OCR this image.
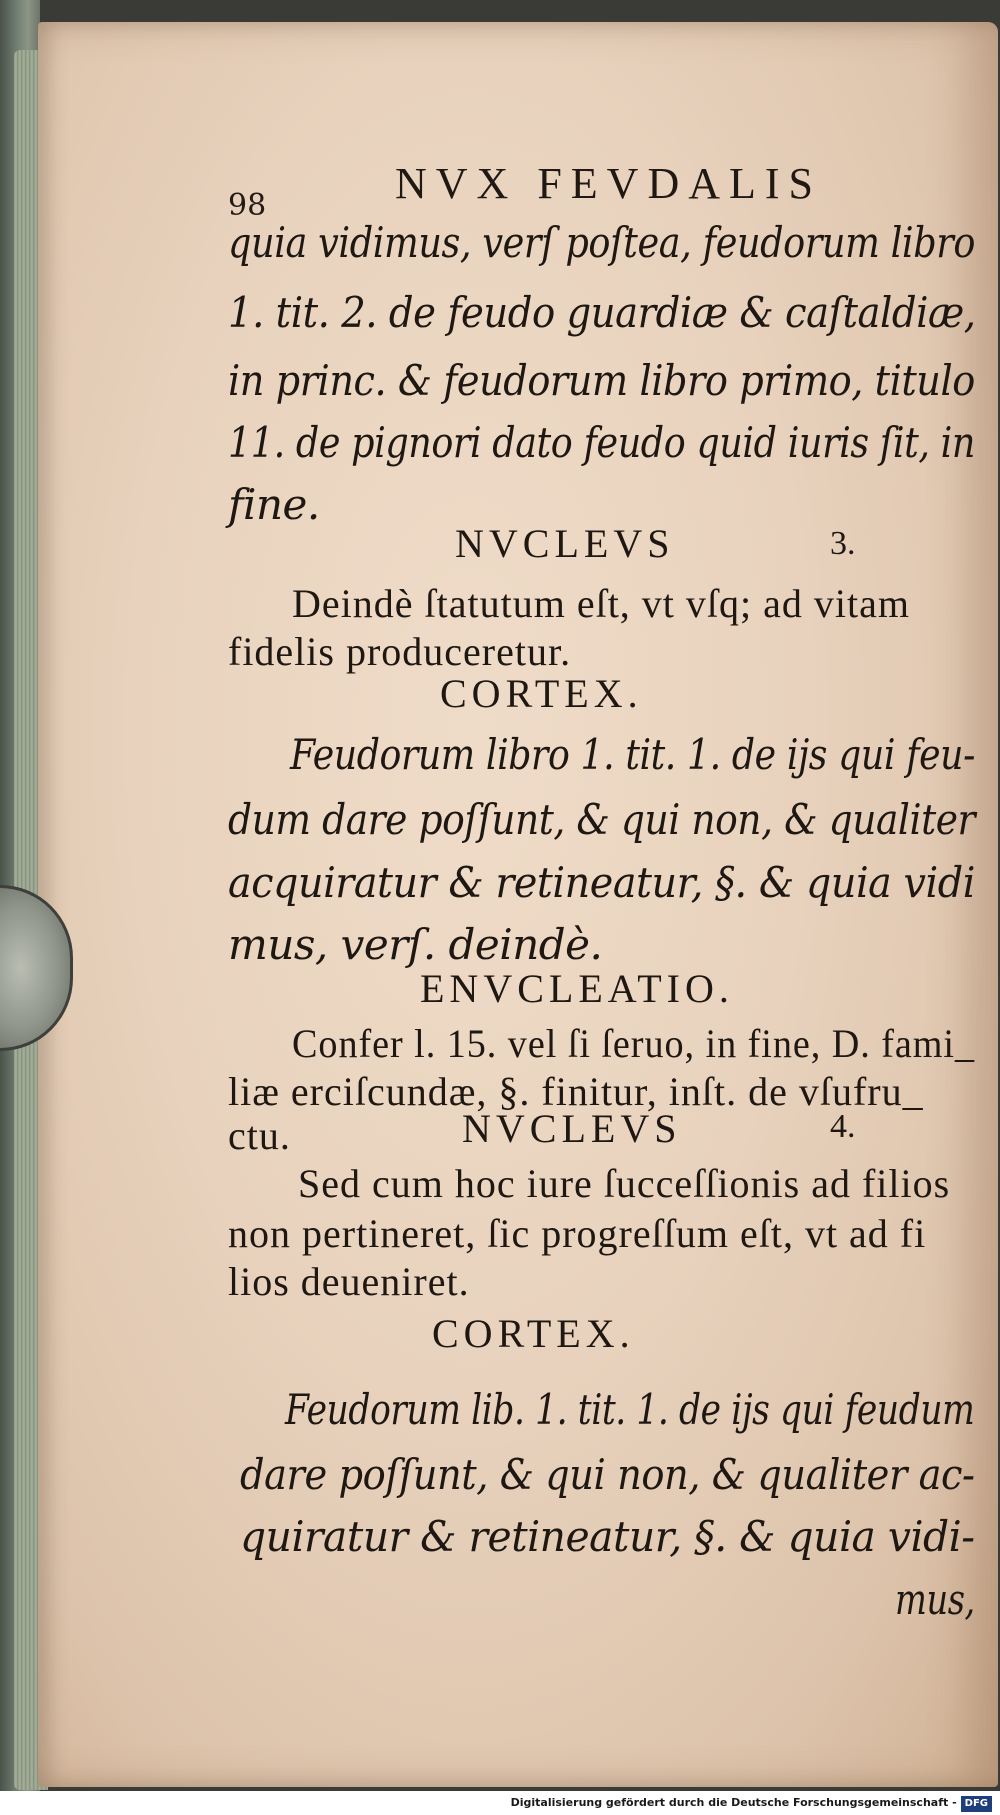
98	NVX FEVDALIS
quia vidimus, verſ poſtea, feudorum libro
1. tit. 2. de feudo guardiæ & caſtaldiæ,
in princ. & feudorum libro primo, titulo
11. de pignori dato feudo quid iuris ſit, in
fine.
NVCLEVS	3.
Deindè ſtatutum eſt, vt vſq; ad vitam
fidelis produceretur.
CORTEX.
Feudorum libro 1. tit. 1. de ijs qui feu-
dum dare poſſunt, & qui non, & qualiter
acquiratur & retineatur, §. & quia vidi
mus, verſ. deindè.
ENVCLEATIO.
Confer l. 15. vel ſi ſeruo, in fine, D. fami_
liæ erciſcundæ, §. finitur, inſt. de vſufru_
ctu.	NVCLEVS	4.
Sed cum hoc iure ſucceſſionis ad filios
non pertineret, ſic progreſſum eſt, vt ad fi
lios deueniret.
CORTEX.
Feudorum lib. 1. tit. 1. de ijs qui feudum
dare poſſunt, & qui non, & qualiter ac-
quiratur & retineatur, §. & quia vidi-
mus,
Digitalisierung gefördert durch die Deutsche Forschungsgemeinschaft - DFG
